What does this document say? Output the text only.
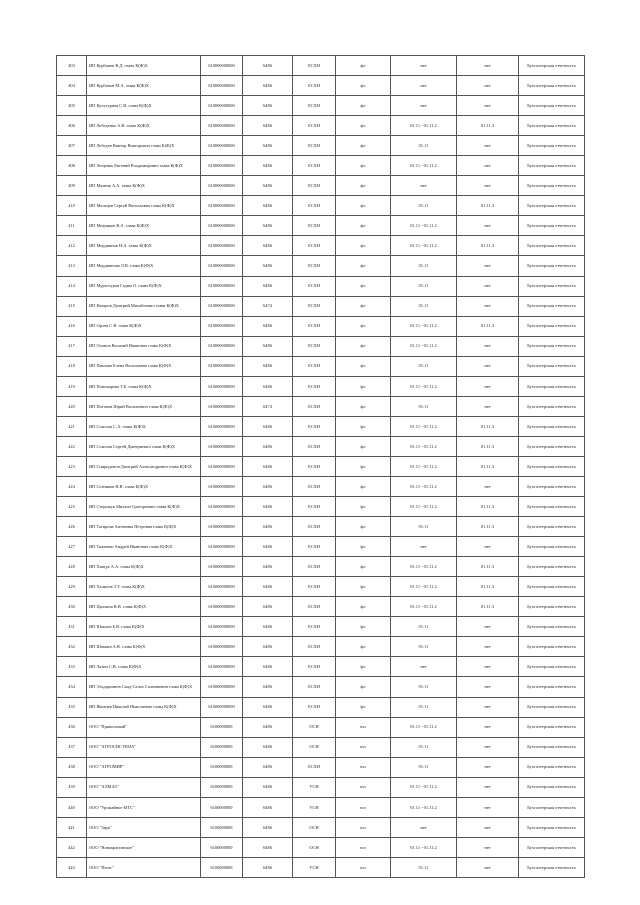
403	ИП Курбанов В.Д. глава К(Ф)Х	610000000000	6486	ЕСХН	фл	нет	нет	Бухгалтерская отчетность
404	ИП Курбанов М.А. глава К(Ф)Х	610000000000	6486	ЕСХН	фл	нет	нет	Бухгалтерская отчетность
405	ИП Кучугурная С.В. глава К(Ф)Х	610000000000	6486	ЕСХН	фл	нет	нет	Бухгалтерская отчетность
406	ИП Лебеденко А.В. глава К(Ф)Х	610000000000	6486	ЕСХН	фл	01.11 - 01.11.2	01.11.3	Бухгалтерская отчетность
407	ИП Лебедев Виктор Викторович глава К(Ф)Х	610000000000	6486	ЕСХН	фл	01.11	нет	Бухгалтерская отчетность
408	ИП Лещенко Евгений Владимирович глава К(Ф)Х	610000000000	6486	ЕСХН	фл	01.11 - 01.11.2	нет	Бухгалтерская отчетность
409	ИП Мазник А.А. глава К(Ф)Х	610000000000	6486	ЕСХН	фл	нет	нет	Бухгалтерская отчетность
410	ИП Мальцев Сергей Васильевич глава К(Ф)Х	610000000000	6486	ЕСХН	фл	01.11	01.11.3	Бухгалтерская отчетность
411	ИП Медников В.А. глава К(Ф)Х	610000000000	6486	ЕСХН	фл	01.11 - 01.11.2	нет	Бухгалтерская отчетность
412	ИП Мордвинов Н.А. глава К(Ф)Х	610000000000	6486	ЕСХН	фл	01.11 - 01.11.2	01.11.3	Бухгалтерская отчетность
413	ИП Мордвинова Л.В. глава К(Ф)Х	610000000000	6486	ЕСХН	фл	01.11	нет	Бухгалтерская отчетность
414	ИП Мурзогуров Гадим О. глава К(Ф)Х	610000000000	6486	ЕСХН	фл	01.11	нет	Бухгалтерская отчетность
415	ИП Назаров Дмитрий Михайлович глава К(Ф)Х	610000000000	6474	ЕСХН	фл	01.11	нет	Бухгалтерская отчетность
416	ИП Орлов С.В. глава К(Ф)Х	610000000000	6486	ЕСХН	фл	01.11 - 01.11.2	01.11.3	Бухгалтерская отчетность
417	ИП Осипов Василий Иванович глава К(Ф)Х	610000000000	6486	ЕСХН	фл	01.11 - 01.11.2	нет	Бухгалтерская отчетность
418	ИП Павлова Елена Васильевна глава К(Ф)Х	610000000000	6486	ЕСХН	фл	01.11	нет	Бухгалтерская отчетность
419	ИП Пономарева Т.Е. глава К(Ф)Х	610000000000	6486	ЕСХН	фл	01.11 - 01.11.2	нет	Бухгалтерская отчетность
420	ИП Потапов Юрий Васильевич глава К(Ф)Х	610000000000	6474	ЕСХН	фл	01.11	нет	Бухгалтерская отчетность
421	ИП Соколов С.А. глава К(Ф)Х	610000000000	6486	ЕСХН	фл	01.11 - 01.11.2	01.11.3	Бухгалтерская отчетность
422	ИП Соколов Сергей Дмитриевич глава К(Ф)Х	610000000000	6486	ЕСХН	фл	01.11 - 01.11.2	01.11.3	Бухгалтерская отчетность
423	ИП Спиридонов Дмитрий Александрович глава К(Ф)Х	610000000000	6486	ЕСХН	фл	01.11 - 01.11.2	01.11.3	Бухгалтерская отчетность
424	ИП Сотников Н.В. глава К(Ф)Х	610000000000	6486	ЕСХН	фл	01.11 - 01.11.2	нет	Бухгалтерская отчетность
425	ИП Сторожук Михаил Григорьевич глава К(Ф)Х	610000000000	6486	ЕСХН	фл	01.11 - 01.11.2	01.11.3	Бухгалтерская отчетность
426	ИП Тагирова Антонина Петровна глава К(Ф)Х	610000000000	6486	ЕСХН	фл	01.11	01.11.3	Бухгалтерская отчетность
427	ИП Ткаченко Андрей Иванович глава К(Ф)Х	610000000000	6486	ЕСХН	фл	нет	нет	Бухгалтерская отчетность
428	ИП Хищук А.А. глава К(Ф)Х	610000000000	6486	ЕСХН	фл	01.11 - 01.11.2	01.11.3	Бухгалтерская отчетность
429	ИП Халилов Т.Т. глава К(Ф)Х	610000000000	6486	ЕСХН	фл	01.11 - 01.11.2	01.11.3	Бухгалтерская отчетность
430	ИП Цаплина В.В. глава К(Ф)Х	610000000000	6486	ЕСХН	фл	01.11 - 01.11.2	01.11.3	Бухгалтерская отчетность
431	ИП Шаклов Б.В. глава К(Ф)Х	610000000000	6486	ЕСХН	фл	01.11	нет	Бухгалтерская отчетность
432	ИП Шамаев А.В. глава К(Ф)Х	610000000000	6486	ЕСХН	фл	01.11	нет	Бухгалтерская отчетность
433	ИП Лазин С.В. глава К(Ф)Х	610000000000	6486	ЕСХН	фл	нет	нет	Бухгалтерская отчетность
434	ИП Эльдарханов Саид-Салах Салманович глава К(Ф)Х	610000000000	6486	ЕСХН	фл	01.11	нет	Бухгалтерская отчетность
435	ИП Яковлев Николай Николаевич глава К(Ф)Х	610000000000	6486	ЕСХН	фл	01.11	нет	Бухгалтерская отчетность
436	ООО "Привольный"	6100000000	6486	ОСН	юл	01.11 - 01.11.2	нет	Бухгалтерская отчетность
437	ООО "АГРОСИСТЕМА"	6100000000	6486	ОСН	юл	01.11	нет	Бухгалтерская отчетность
438	ООО "АГРОМИР"	6100000000	6486	ЕСХН	юл	01.11	нет	Бухгалтерская отчетность
439	ООО "АЛМАЗ"	6100000000	6486	УСН	юл	01.11 - 01.11.2	нет	Бухгалтерская отчетность
440	ООО "Урожайное МТС"	6100000000	6486	УСН	юл	01.11 - 01.11.2	нет	Бухгалтерская отчетность
441	ООО "Заря"	6100000000	6486	ОСН	юл	нет	нет	Бухгалтерская отчетность
442	ООО "Новокрасинское"	6100000000	6486	ОСН	юл	01.11 - 01.11.2	нет	Бухгалтерская отчетность
443	ООО "Пегас"	6100000000	6486	УСН	юл	01.11	нет	Бухгалтерская отчетность
